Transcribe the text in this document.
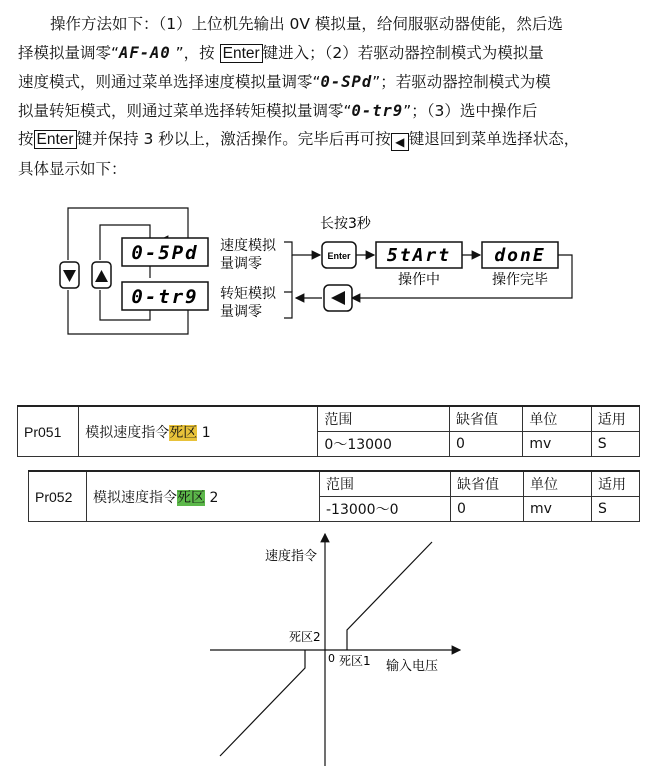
操作方法如下：（1）上位机先输出 0V 模拟量，给伺服驱动器使能，然后选
择模拟量调零“AF-A0 ”，按 Enter 键进入；（2）若驱动器控制模式为模拟量
速度模式，则通过菜单选择速度模拟量调零“0-SPd”；若驱动器控制模式为模
拟量转矩模式，则通过菜单选择转矩模拟量调零“0-tr9”；（3）选中操作后
按 Enter 键并保持 3 秒以上，激活操作。完毕后再可按 ◀ 键退回到菜单选择状态，
具体显示如下：
0-5Pd
0-tr9
速度模拟
量调零
转矩模拟
量调零
长按3秒
Enter 5tArt
操作中
donE
操作完毕
Pr051	模拟速度指令死区 1	范围	缺省值	单位	适用
		0～13000	0	mv	S
Pr052	模拟速度指令死区 2	范围	缺省值	单位	适用
		-13000～0	0	mv	S
速度指令
输入电压
0 死区1
死区2
